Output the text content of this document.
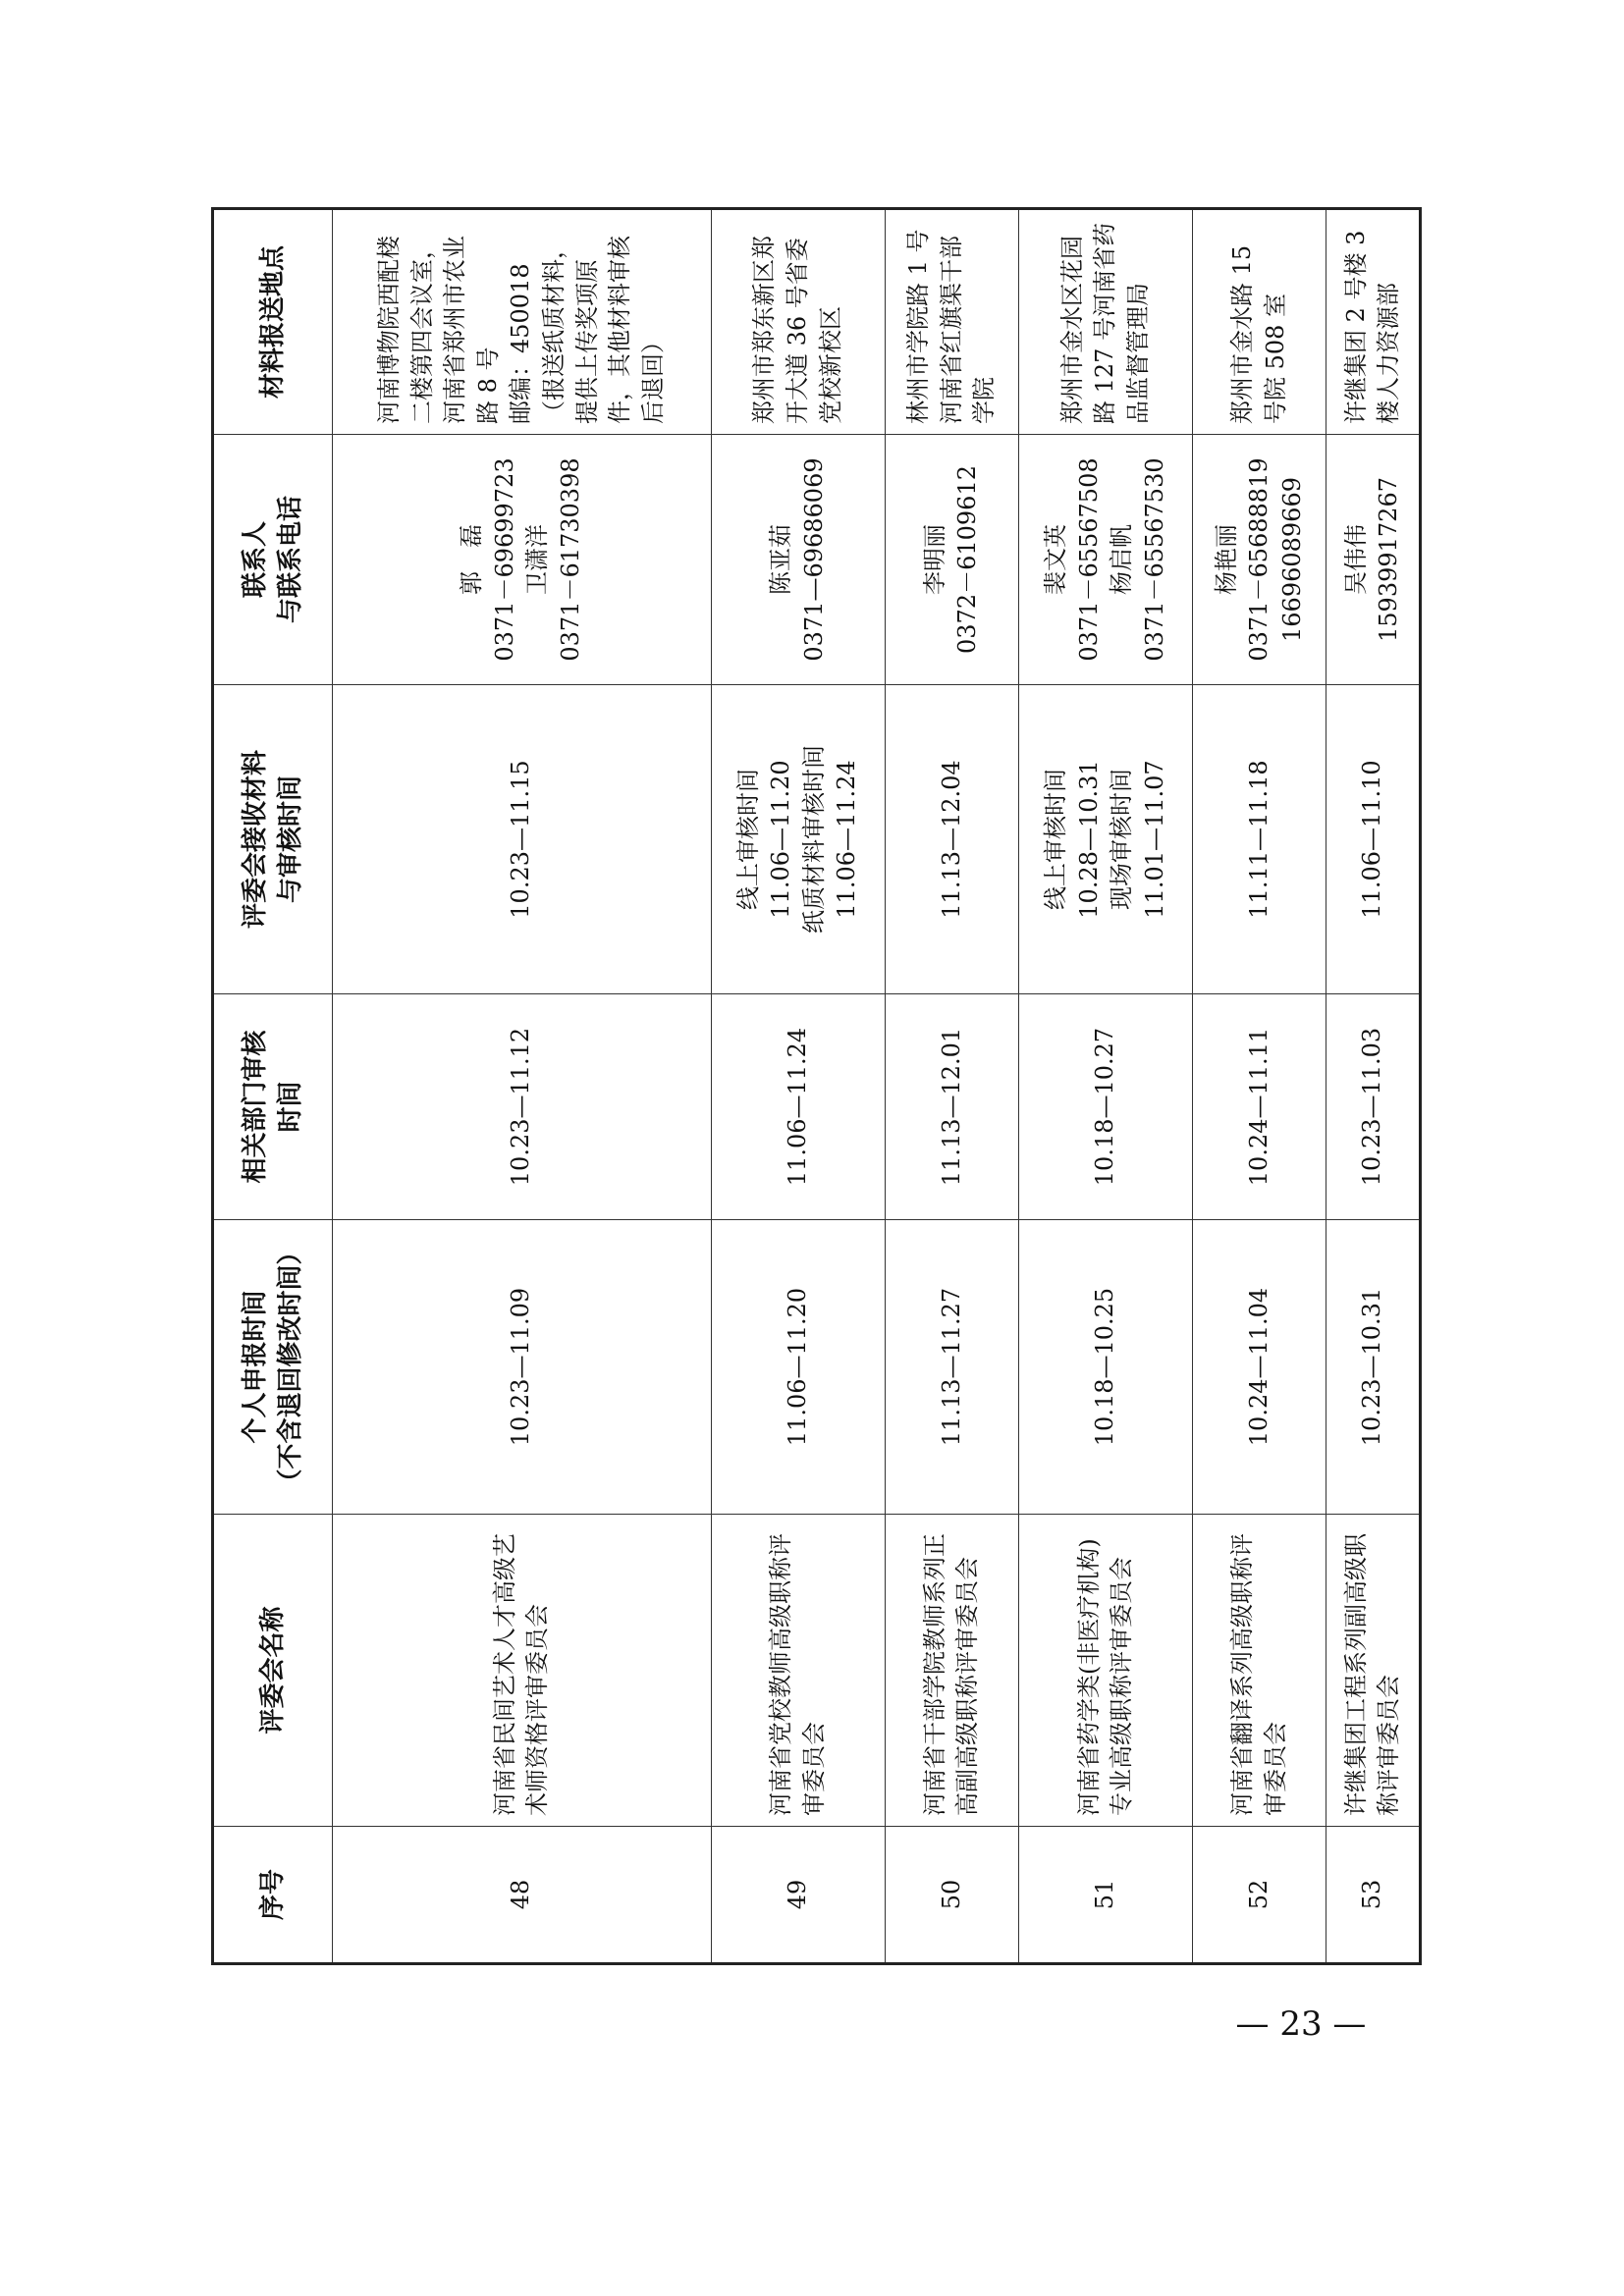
序号	评委会名称	个人申报时间 （不含退回修改时间）	相关部门审核 时间	评委会接收材料 与审核时间	联系人 与联系电话	材料报送地点
48	河南省民间艺术人才高级艺术师资格评审委员会	10.23—11.09	10.23—11.12	10.23—11.15	郭　磊 0371－69699723 卫潇洋 0371－61730398	河南博物院西配楼二楼第四会议室，河南省郑州市农业路 8 号 邮编：450018 （报送纸质材料，提供上传奖项原件，其他材料审核后退回）

49	河南省党校教师高级职称评审委员会	11.06—11.20	11.06—11.24	线上审核时间 11.06—11.20 纸质材料审核时间 11.06—11.24	陈亚茹 0371—69686069	郑州市郑东新区郑开大道 36 号省委党校新校区

50	河南省干部学院教师系列正高副高级职称评审委员会	11.13—11.27	11.13—12.01	11.13—12.04	李明丽 0372－6109612	林州市学院路 1 号河南省红旗渠干部学院

51	河南省药学类(非医疗机构)专业高级职称评审委员会	10.18—10.25	10.18—10.27	线上审核时间 10.28—10.31 现场审核时间 11.01—11.07	裴文英 0371－65567508 杨启帆 0371－65567530	郑州市金水区花园路 127 号河南省药品监督管理局

52	河南省翻译系列高级职称评审委员会	10.24—11.04	10.24—11.11	11.11—11.18	杨艳丽 0371－65688819 16696089669	郑州市金水路 15 号院 508 室

53	许继集团工程系列副高级职称评审委员会	10.23—10.31	10.23—11.03	11.06—11.10	吴伟伟 15939917267	许继集团 2 号楼 3 楼人力资源部
— 23 —
